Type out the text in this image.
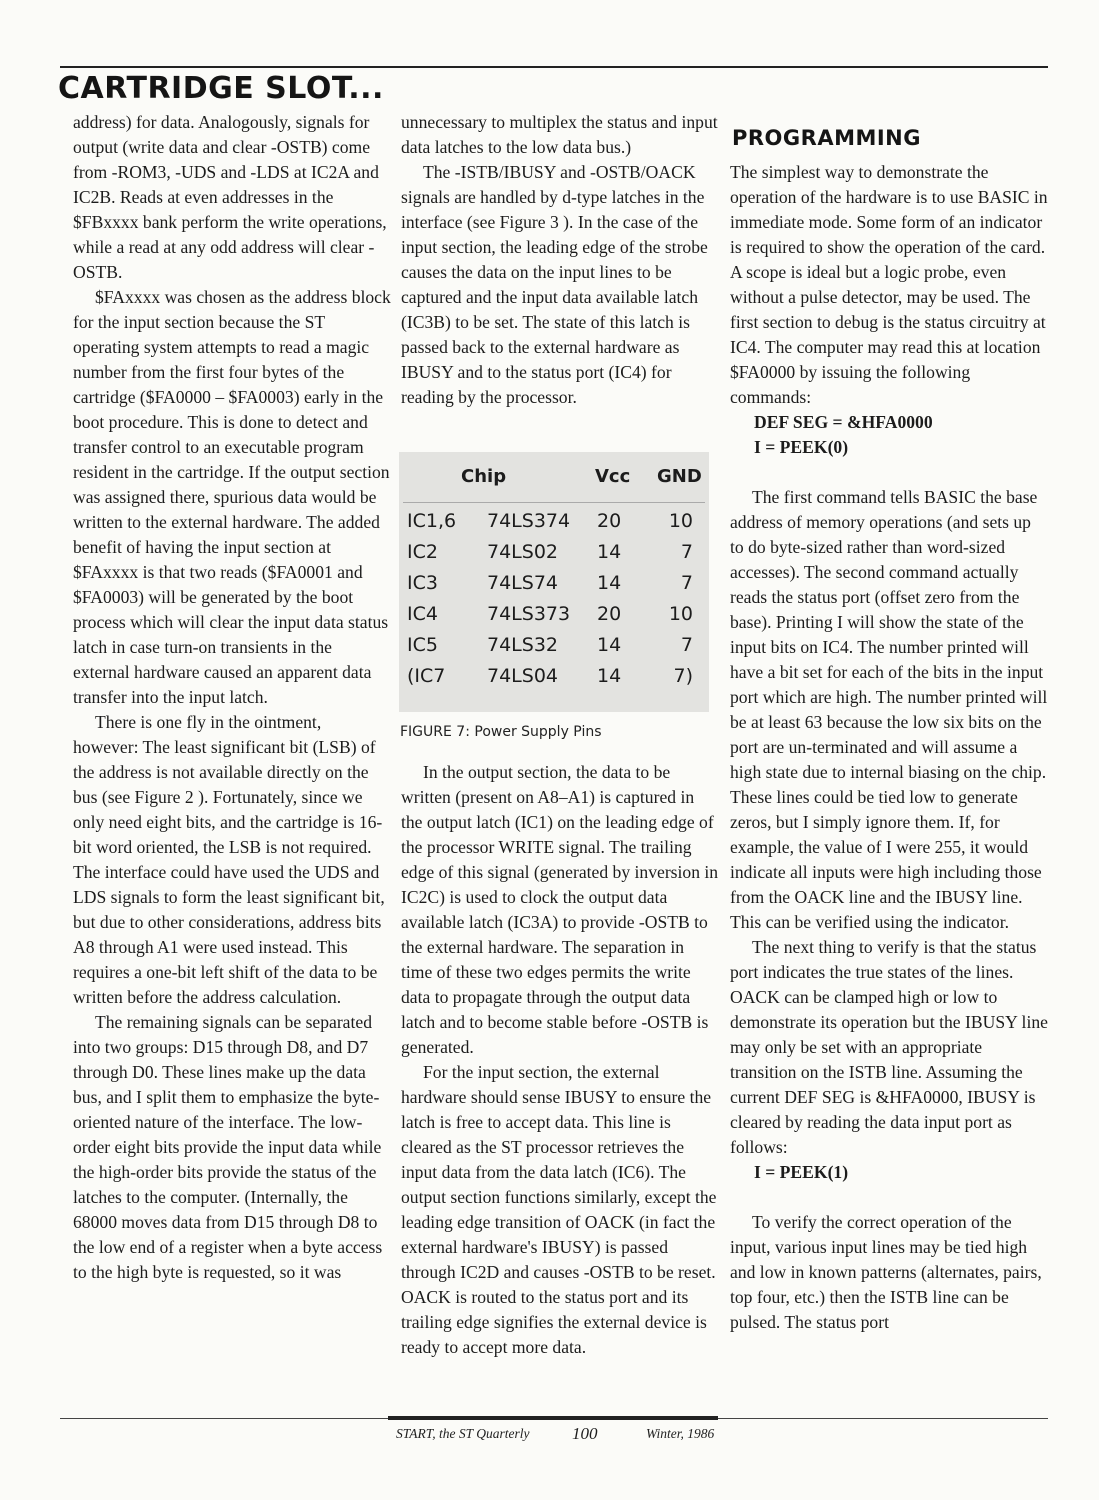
CARTRIDGE SLOT...

address) for data. Analogously, signals for output (write data and clear -OSTB) come from -ROM3, -UDS and -LDS at IC2A and IC2B. Reads at even addresses in the $FBxxxx bank perform the write operations, while a read at any odd address will clear -OSTB.

$FAxxxx was chosen as the address block for the input section because the ST operating system attempts to read a magic number from the first four bytes of the cartridge ($FA0000 – $FA0003) early in the boot procedure. This is done to detect and transfer control to an executable program resident in the cartridge. If the output section was assigned there, spurious data would be written to the external hardware. The added benefit of having the input section at $FAxxxx is that two reads ($FA0001 and $FA0003) will be generated by the boot process which will clear the input data status latch in case turn-on transients in the external hardware caused an apparent data transfer into the input latch.

There is one fly in the ointment, however: The least significant bit (LSB) of the address is not available directly on the bus (see Figure 2 ). Fortunately, since we only need eight bits, and the cartridge is 16-bit word oriented, the LSB is not required. The interface could have used the UDS and LDS signals to form the least significant bit, but due to other considerations, address bits A8 through A1 were used instead. This requires a one-bit left shift of the data to be written before the address calculation.

The remaining signals can be separated into two groups: D15 through D8, and D7 through D0. These lines make up the data bus, and I split them to emphasize the byte-oriented nature of the interface. The low-order eight bits provide the input data while the high-order bits provide the status of the latches to the computer. (Internally, the 68000 moves data from D15 through D8 to the low end of a register when a byte access to the high byte is requested, so it was

unnecessary to multiplex the status and input data latches to the low data bus.)

The -ISTB/IBUSY and -OSTB/OACK signals are handled by d-type latches in the interface (see Figure 3 ). In the case of the input section, the leading edge of the strobe causes the data on the input lines to be captured and the input data available latch (IC3B) to be set. The state of this latch is passed back to the external hardware as IBUSY and to the status port (IC4) for reading by the processor.

Chip	Vcc GND
IC1,6 74LS374 20	10
IC2	74LS02 14	7
IC3	74LS74 14	7
IC4	74LS373 20	10
IC5	74LS32 14	7
(IC7 74LS04 14	7)
FIGURE 7: Power Supply Pins

In the output section, the data to be written (present on A8–A1) is captured in the output latch (IC1) on the leading edge of the processor WRITE signal. The trailing edge of this signal (generated by inversion in IC2C) is used to clock the output data available latch (IC3A) to provide -OSTB to the external hardware. The separation in time of these two edges permits the write data to propagate through the output data latch and to become stable before -OSTB is generated.

For the input section, the external hardware should sense IBUSY to ensure the latch is free to accept data. This line is cleared as the ST processor retrieves the input data from the data latch (IC6). The output section functions similarly, except the leading edge transition of OACK (in fact the external hardware's IBUSY) is passed through IC2D and causes -OSTB to be reset. OACK is routed to the status port and its trailing edge signifies the external device is ready to accept more data.

PROGRAMMING

The simplest way to demonstrate the operation of the hardware is to use BASIC in immediate mode. Some form of an indicator is required to show the operation of the card. A scope is ideal but a logic probe, even without a pulse detector, may be used. The first section to debug is the status circuitry at IC4. The computer may read this at location $FA0000 by issuing the following commands:

DEF SEG = &HFA0000
I = PEEK(0)

The first command tells BASIC the base address of memory operations (and sets up to do byte-sized rather than word-sized accesses). The second command actually reads the status port (offset zero from the base). Printing I will show the state of the input bits on IC4. The number printed will have a bit set for each of the bits in the input port which are high. The number printed will be at least 63 because the low six bits on the port are un-terminated and will assume a high state due to internal biasing on the chip. These lines could be tied low to generate zeros, but I simply ignore them. If, for example, the value of I were 255, it would indicate all inputs were high including those from the OACK line and the IBUSY line. This can be verified using the indicator.

The next thing to verify is that the status port indicates the true states of the lines. OACK can be clamped high or low to demonstrate its operation but the IBUSY line may only be set with an appropriate transition on the ISTB line. Assuming the current DEF SEG is &HFA0000, IBUSY is cleared by reading the data input port as follows:

I = PEEK(1)

To verify the correct operation of the input, various input lines may be tied high and low in known patterns (alternates, pairs, top four, etc.) then the ISTB line can be pulsed. The status port

START, the ST Quarterly 100	Winter, 1986
